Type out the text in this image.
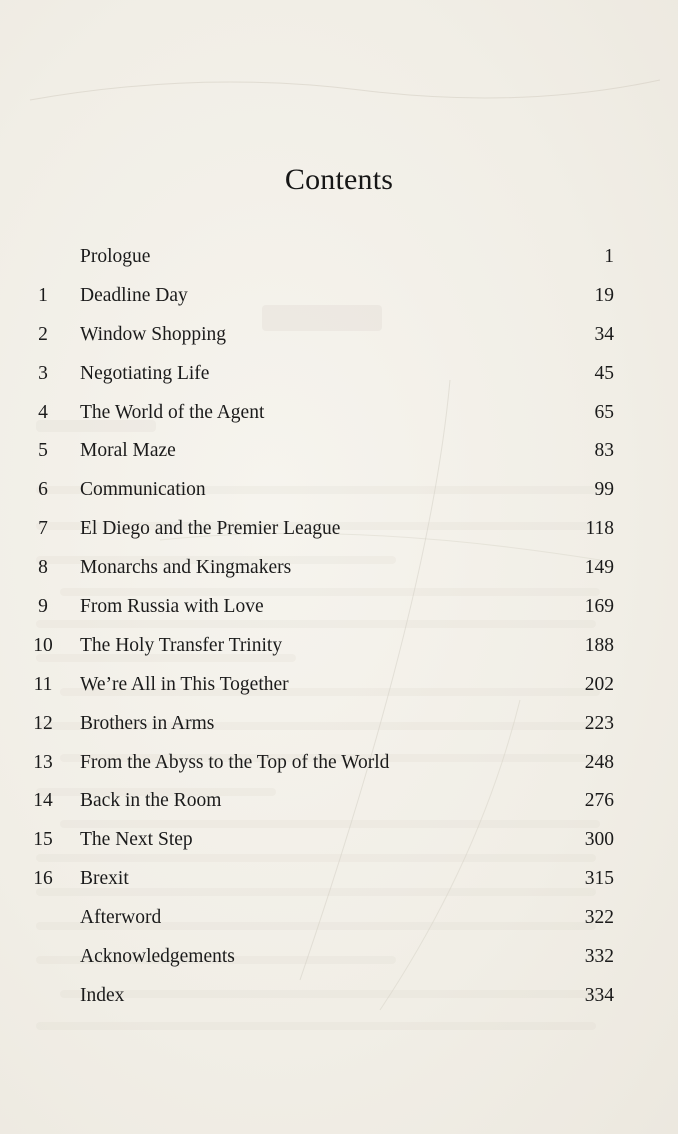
Contents
Prologue	1
1	Deadline Day	19
2	Window Shopping	34
3	Negotiating Life	45
4	The World of the Agent	65
5	Moral Maze	83
6	Communication	99
7	El Diego and the Premier League	118
8	Monarchs and Kingmakers	149
9	From Russia with Love	169
10 The Holy Transfer Trinity	188
11 We’re All in This Together	202
12 Brothers in Arms	223
13 From the Abyss to the Top of the World	248
14 Back in the Room	276
15 The Next Step	300
16 Brexit	315
Afterword	322
Acknowledgements	332
Index	334
